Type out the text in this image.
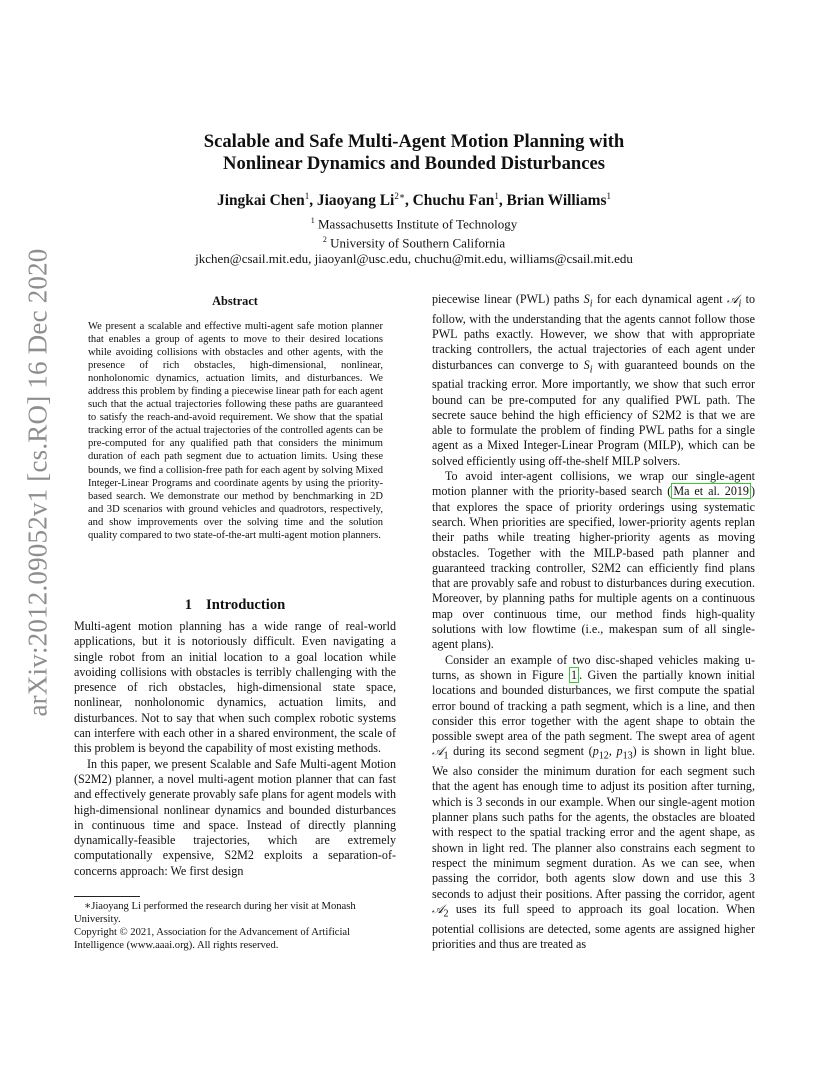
arXiv:2012.09052v1 [cs.RO] 16 Dec 2020
Scalable and Safe Multi-Agent Motion Planning with
Nonlinear Dynamics and Bounded Disturbances
Jingkai Chen$^1$, Jiaoyang $Li^{2∗}$, Chuchu Fan$^1$, Brian Williams$^1$
$^1$ Massachusetts Institute of Technology
$^2$ University of Southern California
jkchen@csail.mit.edu, jiaoyanl@usc.edu, chuchu@mit.edu, williams@csail.mit.edu
Abstract
We present a scalable and effective multi-agent safe motion planner that enables a group of agents to move to their desired locations while avoiding collisions with obstacles and other agents, with the presence of rich obstacles, high-dimensional, nonlinear, nonholonomic dynamics, actuation limits, and disturbances. We address this problem by finding a piecewise linear path for each agent such that the actual trajectories following these paths are guaranteed to satisfy the reach-and-avoid requirement. We show that the spatial tracking error of the actual trajectories of the controlled agents can be pre-computed for any qualified path that considers the minimum duration of each path segment due to actuation limits. Using these bounds, we find a collision-free path for each agent by solving Mixed Integer-Linear Programs and coordinate agents by using the priority-based search. We demonstrate our method by benchmarking in 2D and 3D scenarios with ground vehicles and quadrotors, respectively, and show improvements over the solving time and the solution quality compared to two state-of-the-art multi-agent motion planners.
1 Introduction

Multi-agent motion planning has a wide range of real-world applications, but it is notoriously difficult. Even navigating a single robot from an initial location to a goal location while avoiding collisions with obstacles is terribly challenging with the presence of rich obstacles, high-dimensional state space, nonlinear, nonholonomic dynamics, actuation limits, and disturbances. Not to say that when such complex robotic systems can interfere with each other in a shared environment, the scale of this problem is beyond the capability of most existing methods.

In this paper, we present Scalable and Safe Multi-agent Motion (S2M2) planner, a novel multi-agent motion planner that can fast and effectively generate provably safe plans for agent models with high-dimensional nonlinear dynamics and bounded disturbances in continuous time and space. Instead of directly planning dynamically-feasible trajectories, which are extremely computationally expensive, S2M2 exploits a separation-of-concerns approach: We first design

∗Jiaoyang Li performed the research during her visit at Monash University.

Copyright © 2021, Association for the Advancement of Artificial Intelligence (www.aaai.org). All rights reserved.

piecewise linear (PWL) paths $S_i$ for each dynamical agent 𝒜$_i$ to follow, with the understanding that the agents cannot follow those PWL paths exactly. However, we show that with appropriate tracking controllers, the actual trajectories of each agent under disturbances can converge to $S_i$ with guaranteed bounds on the spatial tracking error. More importantly, we show that such error bound can be pre-computed for any qualified PWL path. The secrete sauce behind the high efficiency of S2M2 is that we are able to formulate the problem of finding PWL paths for a single agent as a Mixed Integer-Linear Program (MILP), which can be solved efficiently using off-the-shelf MILP solvers.

To avoid inter-agent collisions, we wrap our single-agent motion planner with the priority-based search ( Ma et al. 2019 ) that explores the space of priority orderings using systematic search. When priorities are specified, lower-priority agents replan their paths while treating higher-priority agents as moving obstacles. Together with the MILP-based path planner and guaranteed tracking controller, S2M2 can efficiently find plans that are provably safe and robust to disturbances during execution. Moreover, by planning paths for multiple agents on a continuous map over continuous time, our method finds high-quality solutions with low flowtime (i.e., makespan sum of all single-agent plans).

Consider an example of two disc-shaped vehicles making u-turns, as shown in Figure 1 . Given the partially known initial locations and bounded disturbances, we first compute the spatial error bound of tracking a path segment, which is a line, and then consider this error together with the agent shape to obtain the possible swept area of the path segment. The swept area of agent 𝒜$_1$ during its second segment ($p_{12}$, $p_{13}$) is shown in light blue. We also consider the minimum duration for each segment such that the agent has enough time to adjust its position after turning, which is 3 seconds in our example. When our single-agent motion planner plans such paths for the agents, the obstacles are bloated with respect to the spatial tracking error and the agent shape, as shown in light red. The planner also constrains each segment to respect the minimum segment duration. As we can see, when passing the corridor, both agents slow down and use this 3 seconds to adjust their positions. After passing the corridor, agent 𝒜$_2$ uses its full speed to approach its goal location. When potential collisions are detected, some agents are assigned higher priorities and thus are treated as
